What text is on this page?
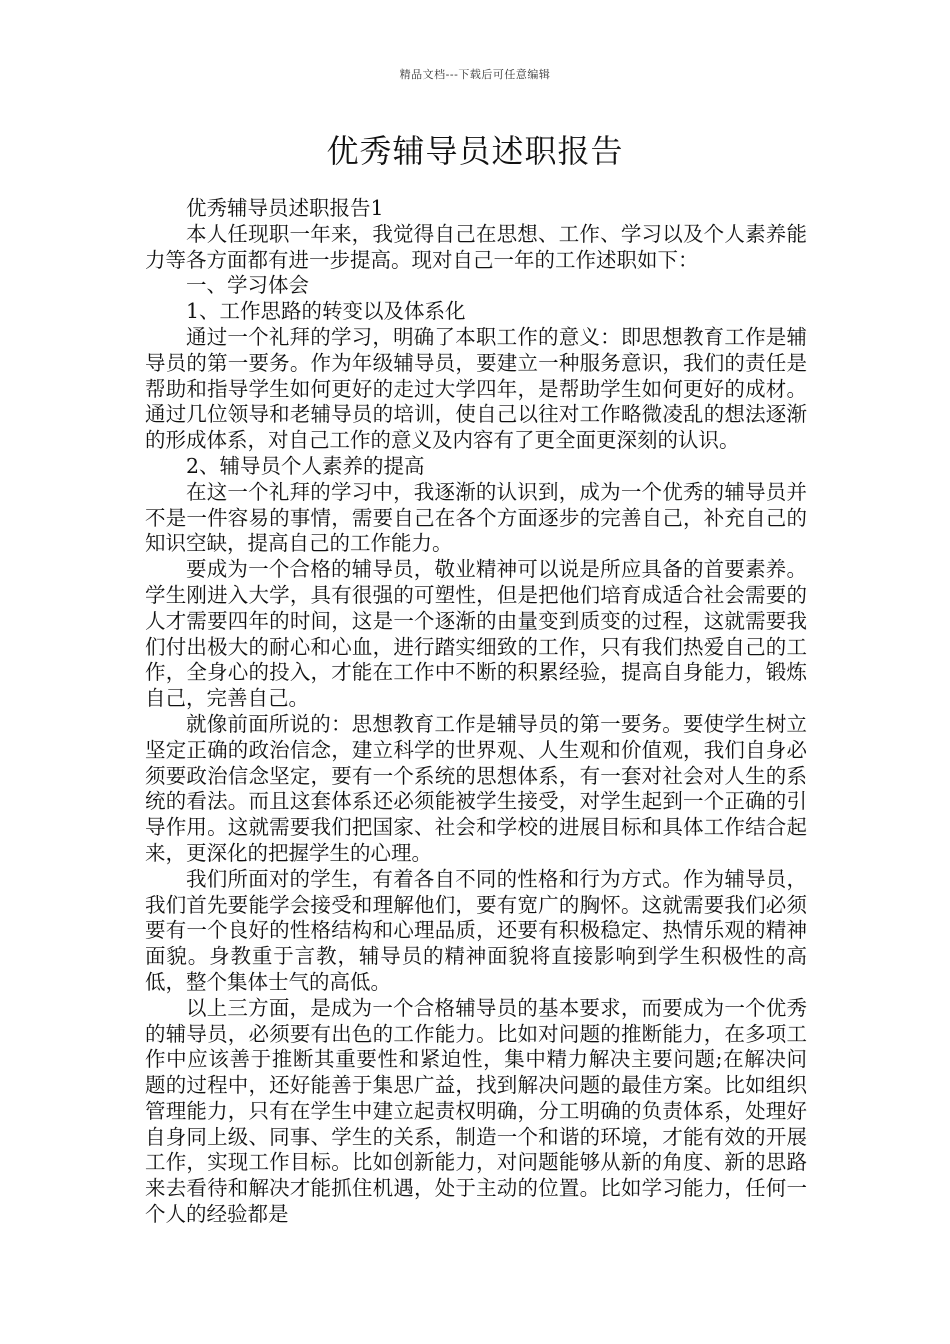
精品文档---下载后可任意编辑
优秀辅导员述职报告

优秀辅导员述职报告1

本人任现职一年来，我觉得自己在思想、工作、学习以及个人素养能力等各方面都有进一步提高。现对自己一年的工作述职如下：

一、学习体会

1、工作思路的转变以及体系化

通过一个礼拜的学习，明确了本职工作的意义：即思想教育工作是辅导员的第一要务。作为年级辅导员，要建立一种服务意识，我们的责任是帮助和指导学生如何更好的走过大学四年，是帮助学生如何更好的成材。通过几位领导和老辅导员的培训，使自己以往对工作略微凌乱的想法逐渐的形成体系，对自己工作的意义及内容有了更全面更深刻的认识。

2、辅导员个人素养的提高

在这一个礼拜的学习中，我逐渐的认识到，成为一个优秀的辅导员并不是一件容易的事情，需要自己在各个方面逐步的完善自己，补充自己的知识空缺，提高自己的工作能力。

要成为一个合格的辅导员，敬业精神可以说是所应具备的首要素养。学生刚进入大学，具有很强的可塑性，但是把他们培育成适合社会需要的人才需要四年的时间，这是一个逐渐的由量变到质变的过程，这就需要我们付出极大的耐心和心血，进行踏实细致的工作，只有我们热爱自己的工作，全身心的投入，才能在工作中不断的积累经验，提高自身能力，锻炼自己，完善自己。

就像前面所说的：思想教育工作是辅导员的第一要务。要使学生树立坚定正确的政治信念，建立科学的世界观、人生观和价值观，我们自身必须要政治信念坚定，要有一个系统的思想体系，有一套对社会对人生的系统的看法。而且这套体系还必须能被学生接受，对学生起到一个正确的引导作用。这就需要我们把国家、社会和学校的进展目标和具体工作结合起来，更深化的把握学生的心理。

我们所面对的学生，有着各自不同的性格和行为方式。作为辅导员，我们首先要能学会接受和理解他们，要有宽广的胸怀。这就需要我们必须要有一个良好的性格结构和心理品质，还要有积极稳定、热情乐观的精神面貌。身教重于言教，辅导员的精神面貌将直接影响到学生积极性的高低，整个集体士气的高低。

以上三方面，是成为一个合格辅导员的基本要求，而要成为一个优秀的辅导员，必须要有出色的工作能力。比如对问题的推断能力，在多项工作中应该善于推断其重要性和紧迫性，集中精力解决主要问题;在解决问题的过程中，还好能善于集思广益，找到解决问题的最佳方案。比如组织管理能力，只有在学生中建立起责权明确，分工明确的负责体系，处理好自身同上级、同事、学生的关系，制造一个和谐的环境，才能有效的开展工作，实现工作目标。比如创新能力，对问题能够从新的角度、新的思路来去看待和解决才能抓住机遇，处于主动的位置。比如学习能力，任何一个人的经验都是
